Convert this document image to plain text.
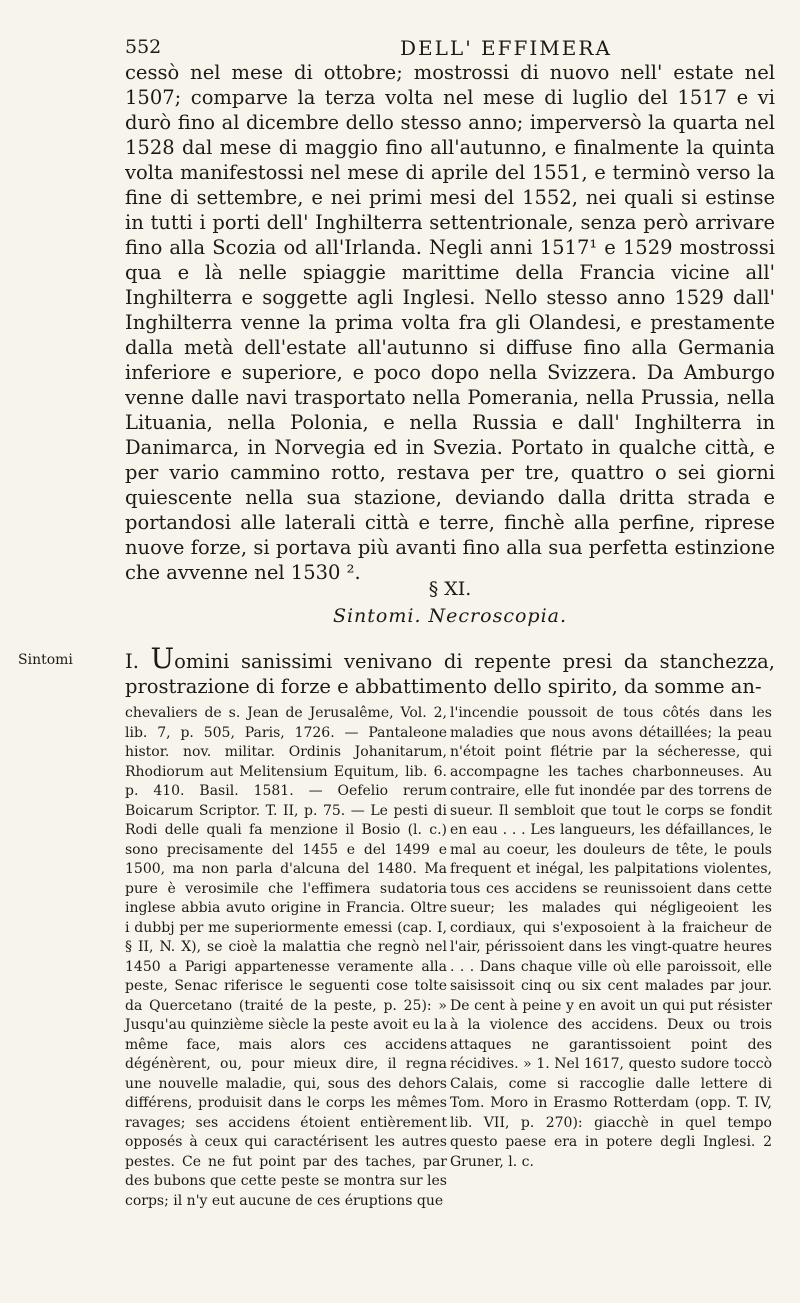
552	DELL' EFFIMERA

cessò nel mese di ottobre; mostrossi di nuovo nell' estate nel 1507; comparve la terza volta nel mese di luglio del 1517 e vi durò fino al dicembre dello stesso anno; imperversò la quarta nel 1528 dal mese di maggio fino all'autunno, e finalmente la quinta volta manifestossi nel mese di aprile del 1551, e terminò verso la fine di settembre, e nei primi mesi del 1552, nei quali si estinse in tutti i porti dell' Inghilterra settentrionale, senza però arrivare fino alla Scozia od all'Irlanda. Negli anni 1517¹ e 1529 mostrossi qua e là nelle spiaggie marittime della Francia vicine all' Inghilterra e soggette agli Inglesi. Nello stesso anno 1529 dall' Inghilterra venne la prima volta fra gli Olandesi, e prestamente dalla metà dell'estate all'autunno si diffuse fino alla Germania inferiore e superiore, e poco dopo nella Svizzera. Da Amburgo venne dalle navi trasportato nella Pomerania, nella Prussia, nella Lituania, nella Polonia, e nella Russia e dall' Inghilterra in Danimarca, in Norvegia ed in Svezia. Portato in qualche città, e per vario cammino rotto, restava per tre, quattro o sei giorni quiescente nella sua stazione, deviando dalla dritta strada e portandosi alle laterali città e terre, finchè alla perfine, riprese nuove forze, si portava più avanti fino alla sua perfetta estinzione che avvenne nel 1530 ².

§ XI.
Sintomi. Necroscopia.
Sintomi	I. Uomini sanissimi venivano di repente presi da stanchezza, prostrazione di forze e abbattimento dello spirito, da somme an-

chevaliers de s. Jean de Jerusalême, Vol. 2, lib. 7, p. 505, Paris, 1726. — Pantaleone histor. nov. militar. Ordinis Johanitarum, Rhodiorum aut Melitensium Equitum, lib. 6. p. 410. Basil. 1581. — Oefelio rerum Boicarum Scriptor. T. II, p. 75. — Le pesti di Rodi delle quali fa menzione il Bosio (l. c.) sono precisamente del 1455 e del 1499 e 1500, ma non parla d'alcuna del 1480. Ma pure è verosimile che l'effimera sudatoria inglese abbia avuto origine in Francia. Oltre i dubbj per me superiormente emessi (cap. I, § II, N. X), se cioè la malattia che regnò nel 1450 a Parigi appartenesse veramente alla peste, Senac riferisce le seguenti cose tolte da Quercetano (traité de la peste, p. 25): » Jusqu'au quinzième siècle la peste avoit eu la même face, mais alors ces accidens dégénèrent, ou, pour mieux dire, il regna une nouvelle maladie, qui, sous des dehors différens, produisit dans le corps les mêmes ravages; ses accidens étoient entièrement opposés à ceux qui caractérisent les autres pestes. Ce ne fut point par des taches, par des bubons que cette peste se montra sur les corps; il n'y eut aucune de ces éruptions que

l'incendie poussoit de tous côtés dans les maladies que nous avons détaillées; la peau n'étoit point flétrie par la sécheresse, qui accompagne les taches charbonneuses. Au contraire, elle fut inondée par des torrens de sueur. Il sembloit que tout le corps se fondit en eau . . . Les langueurs, les défaillances, le mal au coeur, les douleurs de tête, le pouls frequent et inégal, les palpitations violentes, tous ces accidens se reunissoient dans cette sueur; les malades qui négligeoient les cordiaux, qui s'exposoient à la fraicheur de l'air, périssoient dans les vingt-quatre heures . . . Dans chaque ville où elle paroissoit, elle saisissoit cinq ou six cent malades par jour. De cent à peine y en avoit un qui put résister à la violence des accidens. Deux ou trois attaques ne garantissoient point des récidives. » 1. Nel 1617, questo sudore toccò Calais, come si raccoglie dalle lettere di Tom. Moro in Erasmo Rotterdam (opp. T. IV, lib. VII, p. 270): giacchè in quel tempo questo paese era in potere degli Inglesi. 2 Gruner, l. c.
